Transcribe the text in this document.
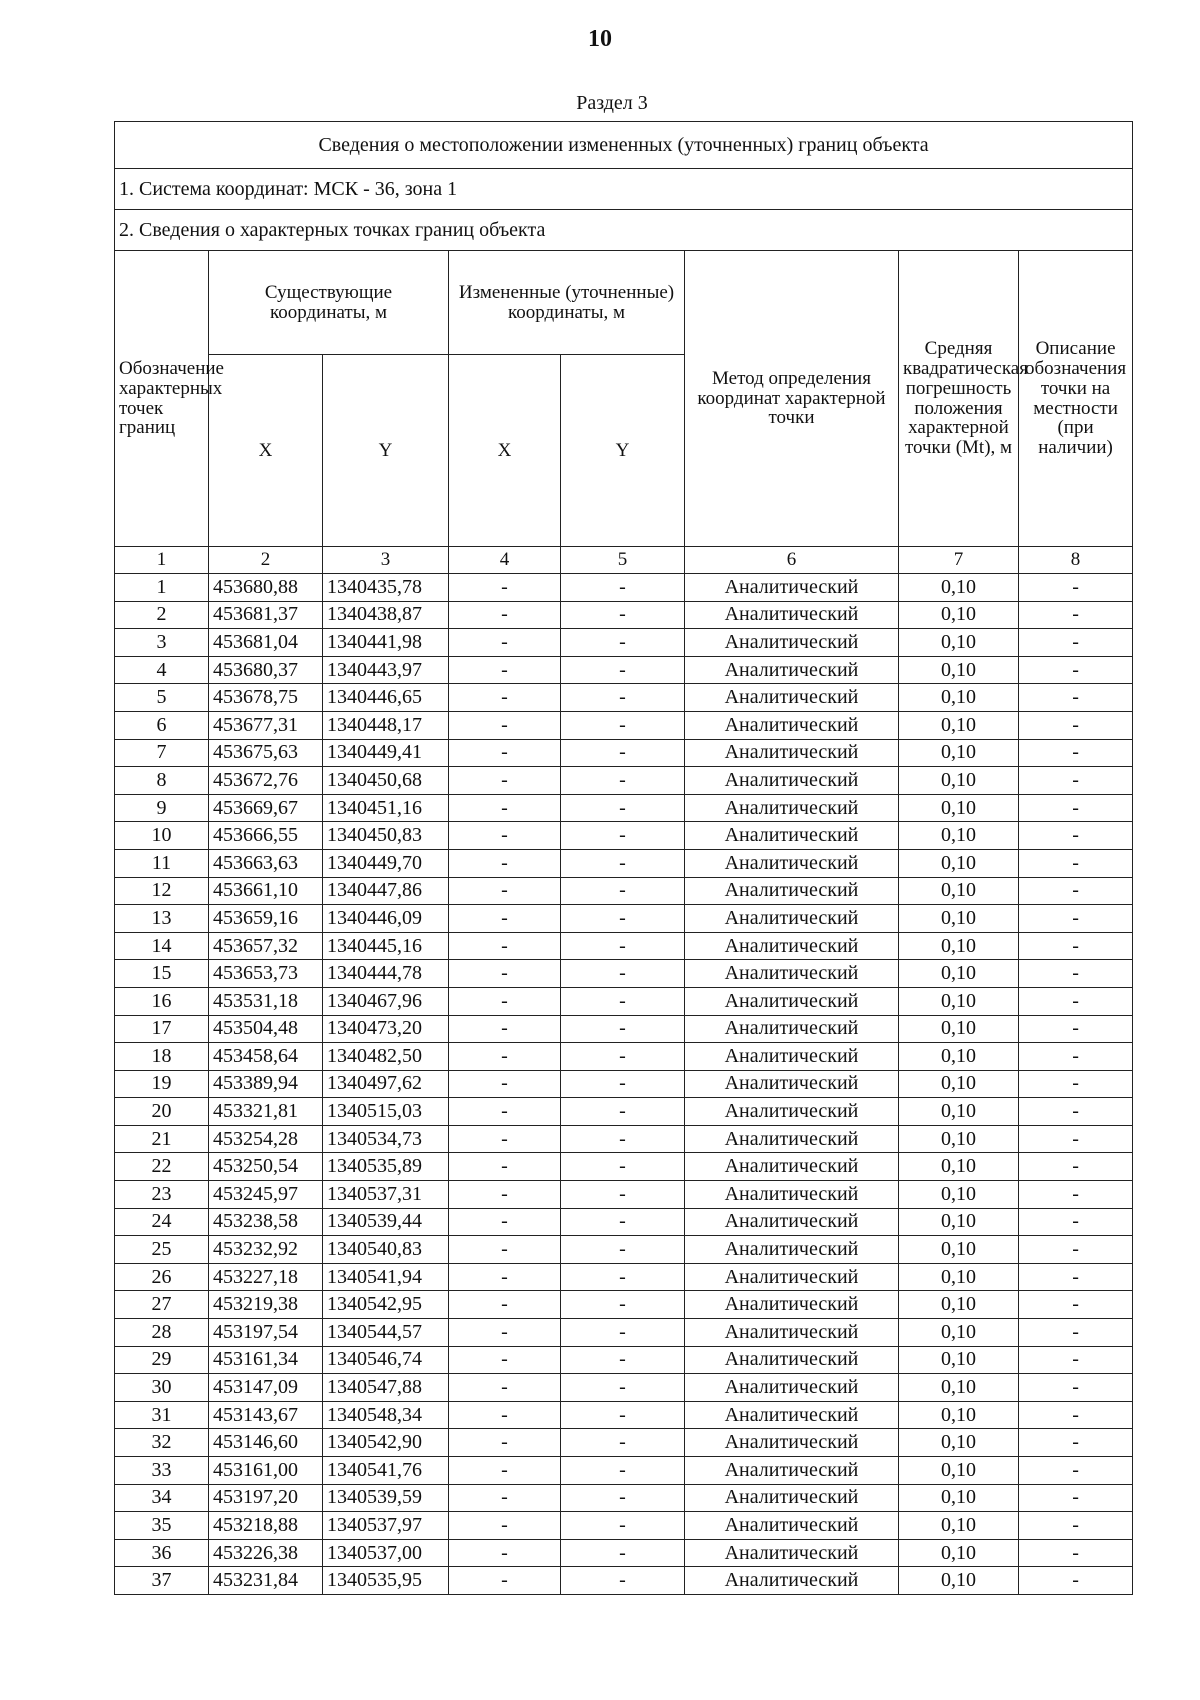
10
Раздел 3
Сведения о местоположении измененных (уточненных) границ объекта							
1. Система координат: МСК - 36, зона 1							
2. Сведения о характерных точках границ объекта							
Обозначение характерных точек границ	Существующие координаты, м		Измененные (уточненные) координаты, м		Метод определения координат характерной точки	Средняя квадратическая погрешность положения характерной точки (Mt), м	Описание обозначения точки на местности (при наличии)
	X	Y	X	Y			
1	2	3	4	5	6	7	8
1	453680,88	1340435,78	-	-	Аналитический	0,10	-
2	453681,37	1340438,87	-	-	Аналитический	0,10	-
3	453681,04	1340441,98	-	-	Аналитический	0,10	-
4	453680,37	1340443,97	-	-	Аналитический	0,10	-
5	453678,75	1340446,65	-	-	Аналитический	0,10	-
6	453677,31	1340448,17	-	-	Аналитический	0,10	-
7	453675,63	1340449,41	-	-	Аналитический	0,10	-
8	453672,76	1340450,68	-	-	Аналитический	0,10	-
9	453669,67	1340451,16	-	-	Аналитический	0,10	-
10	453666,55	1340450,83	-	-	Аналитический	0,10	-
11	453663,63	1340449,70	-	-	Аналитический	0,10	-
12	453661,10	1340447,86	-	-	Аналитический	0,10	-
13	453659,16	1340446,09	-	-	Аналитический	0,10	-
14	453657,32	1340445,16	-	-	Аналитический	0,10	-
15	453653,73	1340444,78	-	-	Аналитический	0,10	-
16	453531,18	1340467,96	-	-	Аналитический	0,10	-
17	453504,48	1340473,20	-	-	Аналитический	0,10	-
18	453458,64	1340482,50	-	-	Аналитический	0,10	-
19	453389,94	1340497,62	-	-	Аналитический	0,10	-
20	453321,81	1340515,03	-	-	Аналитический	0,10	-
21	453254,28	1340534,73	-	-	Аналитический	0,10	-
22	453250,54	1340535,89	-	-	Аналитический	0,10	-
23	453245,97	1340537,31	-	-	Аналитический	0,10	-
24	453238,58	1340539,44	-	-	Аналитический	0,10	-
25	453232,92	1340540,83	-	-	Аналитический	0,10	-
26	453227,18	1340541,94	-	-	Аналитический	0,10	-
27	453219,38	1340542,95	-	-	Аналитический	0,10	-
28	453197,54	1340544,57	-	-	Аналитический	0,10	-
29	453161,34	1340546,74	-	-	Аналитический	0,10	-
30	453147,09	1340547,88	-	-	Аналитический	0,10	-
31	453143,67	1340548,34	-	-	Аналитический	0,10	-
32	453146,60	1340542,90	-	-	Аналитический	0,10	-
33	453161,00	1340541,76	-	-	Аналитический	0,10	-
34	453197,20	1340539,59	-	-	Аналитический	0,10	-
35	453218,88	1340537,97	-	-	Аналитический	0,10	-
36	453226,38	1340537,00	-	-	Аналитический	0,10	-
37	453231,84	1340535,95	-	-	Аналитический	0,10	-
